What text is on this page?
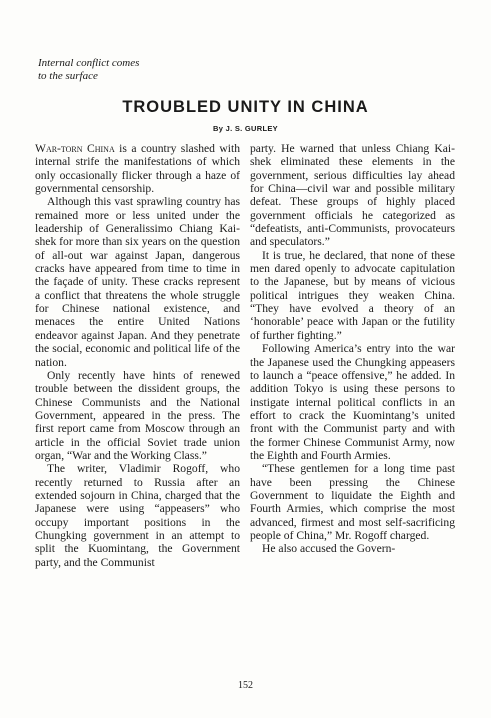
Internal conflict comes
to the surface
TROUBLED UNITY IN CHINA
By J. S. GURLEY

War-torn China is a country slashed with internal strife the manifestations of which only occasionally flicker through a haze of governmental censorship.

Although this vast sprawling country has remained more or less united under the leadership of Generalissimo Chiang Kai-shek for more than six years on the question of all-out war against Japan, dangerous cracks have appeared from time to time in the façade of unity. These cracks represent a conflict that threatens the whole struggle for Chinese national existence, and menaces the entire United Nations endeavor against Japan. And they penetrate the social, economic and political life of the nation.

Only recently have hints of renewed trouble between the dissident groups, the Chinese Communists and the National Government, appeared in the press. The first report came from Moscow through an article in the official Soviet trade union organ, “War and the Working Class.”

The writer, Vladimir Rogoff, who recently returned to Russia after an extended sojourn in China, charged that the Japanese were using “appeasers” who occupy important positions in the Chungking government in an attempt to split the Kuomintang, the Government party, and the Communist

party. He warned that unless Chiang Kai-shek eliminated these elements in the government, serious difficulties lay ahead for China—civil war and possible military defeat. These groups of highly placed government officials he categorized as “defeatists, anti-Communists, provocateurs and speculators.”

It is true, he declared, that none of these men dared openly to advocate capitulation to the Japanese, but by means of vicious political intrigues they weaken China. “They have evolved a theory of an ‘honorable’ peace with Japan or the futility of further fighting.”

Following America’s entry into the war the Japanese used the Chungking appeasers to launch a “peace offensive,” he added. In addition Tokyo is using these persons to instigate internal political conflicts in an effort to crack the Kuomintang’s united front with the Communist party and with the former Chinese Communist Army, now the Eighth and Fourth Armies.

“These gentlemen for a long time past have been pressing the Chinese Government to liquidate the Eighth and Fourth Armies, which comprise the most advanced, firmest and most self-sacrificing people of China,” Mr. Rogoff charged.

He also accused the Govern-

152
